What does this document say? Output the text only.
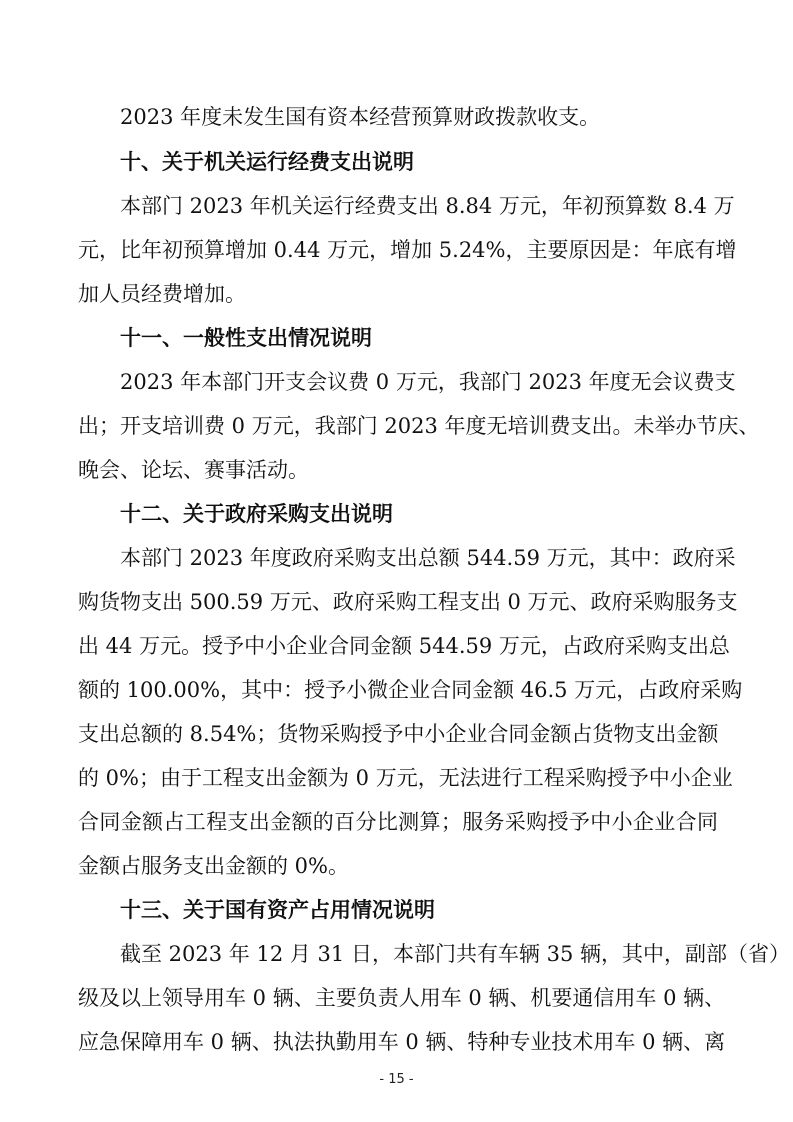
2023 年度未发生国有资本经营预算财政拨款收支。
十、关于机关运行经费支出说明
本部门 2023 年机关运行经费支出 8.84 万元，年初预算数 8.4 万
元，比年初预算增加 0.44 万元，增加 5.24%，主要原因是：年底有增
加人员经费增加。
十一、一般性支出情况说明
2023 年本部门开支会议费 0 万元，我部门 2023 年度无会议费支
出；开支培训费 0 万元，我部门 2023 年度无培训费支出。未举办节庆、
晚会、论坛、赛事活动。
十二、关于政府采购支出说明
本部门 2023 年度政府采购支出总额 544.59 万元，其中：政府采
购货物支出 500.59 万元、政府采购工程支出 0 万元、政府采购服务支
出 44 万元。授予中小企业合同金额 544.59 万元，占政府采购支出总
额的 100.00%，其中：授予小微企业合同金额 46.5 万元，占政府采购
支出总额的 8.54%；货物采购授予中小企业合同金额占货物支出金额
的 0%；由于工程支出金额为 0 万元，无法进行工程采购授予中小企业
合同金额占工程支出金额的百分比测算；服务采购授予中小企业合同
金额占服务支出金额的 0%。
十三、关于国有资产占用情况说明
截至 2023 年 12 月 31 日，本部门共有车辆 35 辆，其中，副部（省）
级及以上领导用车 0 辆、主要负责人用车 0 辆、机要通信用车 0 辆、
应急保障用车 0 辆、执法执勤用车 0 辆、特种专业技术用车 0 辆、离
- 15 -
